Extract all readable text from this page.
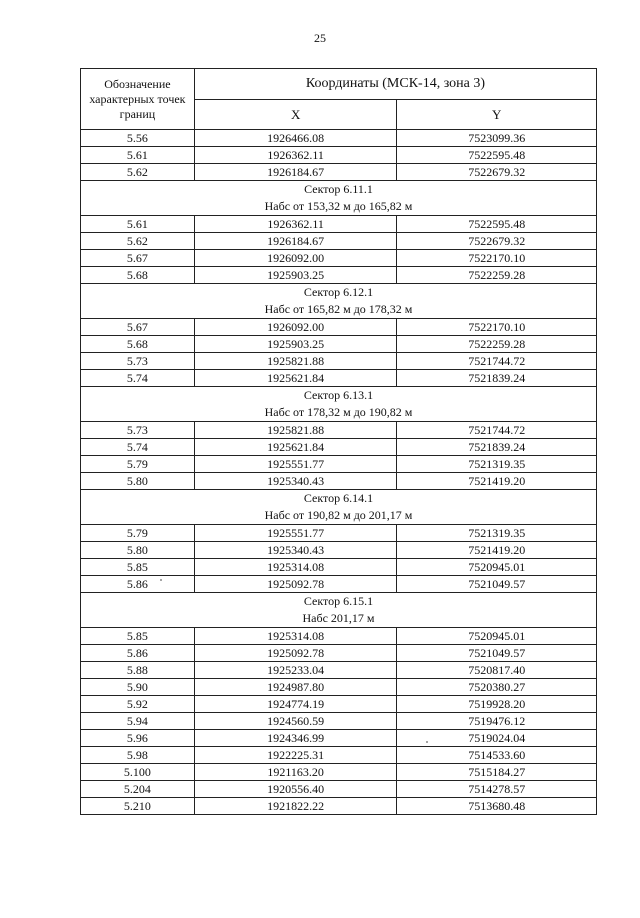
25
Обозначение характерных точек границ	Координаты (МСК-14, зона 3)	
	X	Y
5.56	1926466.08	7523099.36
5.61	1926362.11	7522595.48
5.62	1926184.67	7522679.32

Сектор 6.11.1
Набс от 153,32 м до 165,82 м		

5.61	1926362.11	7522595.48
5.62	1926184.67	7522679.32
5.67	1926092.00	7522170.10
5.68	1925903.25	7522259.28

Сектор 6.12.1
Набс от 165,82 м до 178,32 м		

5.67	1926092.00	7522170.10
5.68	1925903.25	7522259.28
5.73	1925821.88	7521744.72
5.74	1925621.84	7521839.24

Сектор 6.13.1
Набс от 178,32 м до 190,82 м		

5.73	1925821.88	7521744.72
5.74	1925621.84	7521839.24
5.79	1925551.77	7521319.35
5.80	1925340.43	7521419.20

Сектор 6.14.1
Набс от 190,82 м до 201,17 м		

5.79	1925551.77	7521319.35
5.80	1925340.43	7521419.20
5.85	1925314.08	7520945.01
5.86	1925092.78	7521049.57

Сектор 6.15.1
Набс 201,17 м		

5.85	1925314.08	7520945.01
5.86	1925092.78	7521049.57
5.88	1925233.04	7520817.40
5.90	1924987.80	7520380.27
5.92	1924774.19	7519928.20
5.94	1924560.59	7519476.12
5.96	1924346.99	7519024.04
5.98	1922225.31	7514533.60
5.100	1921163.20	7515184.27
5.204	1920556.40	7514278.57
5.210	1921822.22	7513680.48
